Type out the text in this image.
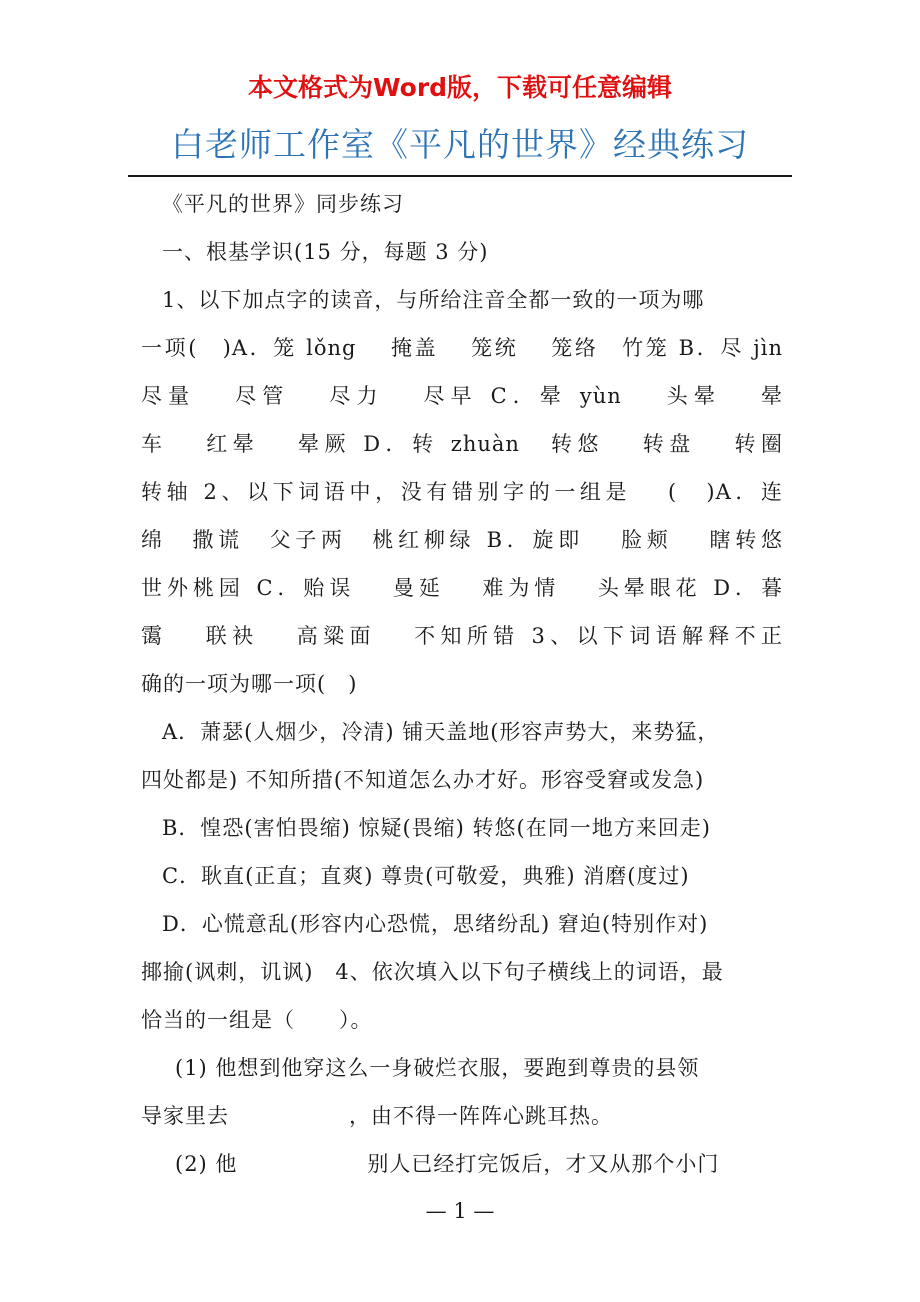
本文格式为Word版，下载可任意编辑
白老师工作室《平凡的世界》经典练习

《平凡的世界》同步练习

一、根基学识(15 分，每题 3 分)

1、以下加点字的读音，与所给注音全都一致的一项为哪

一项(　)A．笼 lǒng　 掩盖　 笼统　 笼络　竹笼 B．尽 jìn

尽量　 尽管　 尽力　 尽早 C．晕 yùn　 头晕　 晕

车　 红晕　 晕厥 D．转 zhuàn　转悠　 转盘　 转圈

转轴 2、以下词语中，没有错别字的一组是　 (　)A．连

绵　撒谎　父子两　桃红柳绿 B．旋即　 脸颊　 瞎转悠

世外桃园 C．贻误　 曼延　 难为情　 头晕眼花 D．暮

霭　 联袂　 高粱面　 不知所错 3、以下词语解释不正

确的一项为哪一项(　)

A．萧瑟(人烟少，冷清) 铺天盖地(形容声势大，来势猛，

四处都是) 不知所措(不知道怎么办才好。形容受窘或发急)

B．惶恐(害怕畏缩) 惊疑(畏缩) 转悠(在同一地方来回走)

C．耿直(正直；直爽) 尊贵(可敬爱，典雅) 消磨(度过)

D．心慌意乱(形容内心恐慌，思绪纷乱) 窘迫(特别作对)

揶揄(讽刺，讥讽)　4、依次填入以下句子横线上的词语，最

恰当的一组是（　　）。

(1) 他想到他穿这么一身破烂衣服，要跑到尊贵的县领

导家里去	，由不得一阵阵心跳耳热。

(2) 他	别人已经打完饭后，才又从那个小门

— 1 —
